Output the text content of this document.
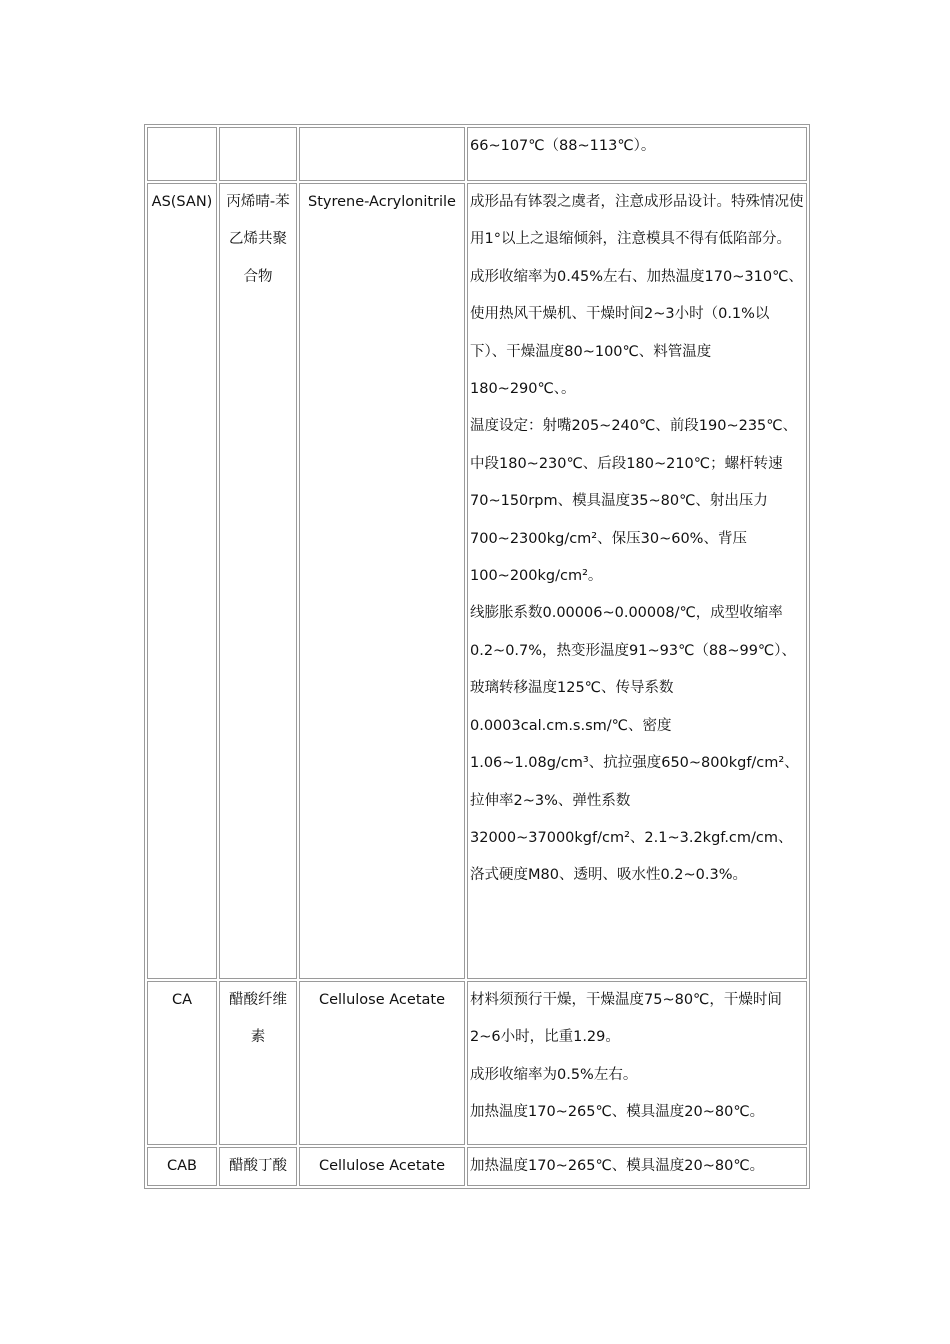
			66~107℃（88~113℃）。

AS(SAN)	丙烯晴-苯乙烯共聚合物	Styrene-Acrylonitrile	成形品有钵裂之虞者，注意成形品设计。特殊情况使用1°以上之退缩倾斜，注意模具不得有低陷部分。
成形收缩率为0.45%左右、加热温度170~310℃、使用热风干燥机、干燥时间2~3小时（0.1%以下）、干燥温度80~100℃、料管温度180~290℃、。
温度设定：射嘴205~240℃、前段190~235℃、中段180~230℃、后段180~210℃；螺杆转速70~150rpm、模具温度35~80℃、射出压力700~2300kg/cm²、保压30~60%、背压100~200kg/cm²。
线膨胀系数0.00006~0.00008/℃，成型收缩率0.2~0.7%，热变形温度91~93℃（88~99℃）、玻璃转移温度125℃、传导系数0.0003cal.cm.s.sm/℃、密度1.06~1.08g/cm³、抗拉强度650~800kgf/cm²、拉伸率2~3%、弹性系数32000~37000kgf/cm²、2.1~3.2kgf.cm/cm、洛式硬度M80、透明、吸水性0.2~0.3%。

CA	醋酸纤维素	Cellulose Acetate	材料须预行干燥，干燥温度75~80℃，干燥时间2~6小时，比重1.29。
成形收缩率为0.5%左右。
加热温度170~265℃、模具温度20~80℃。

CAB	醋酸丁酸	Cellulose Acetate	加热温度170~265℃、模具温度20~80℃。
